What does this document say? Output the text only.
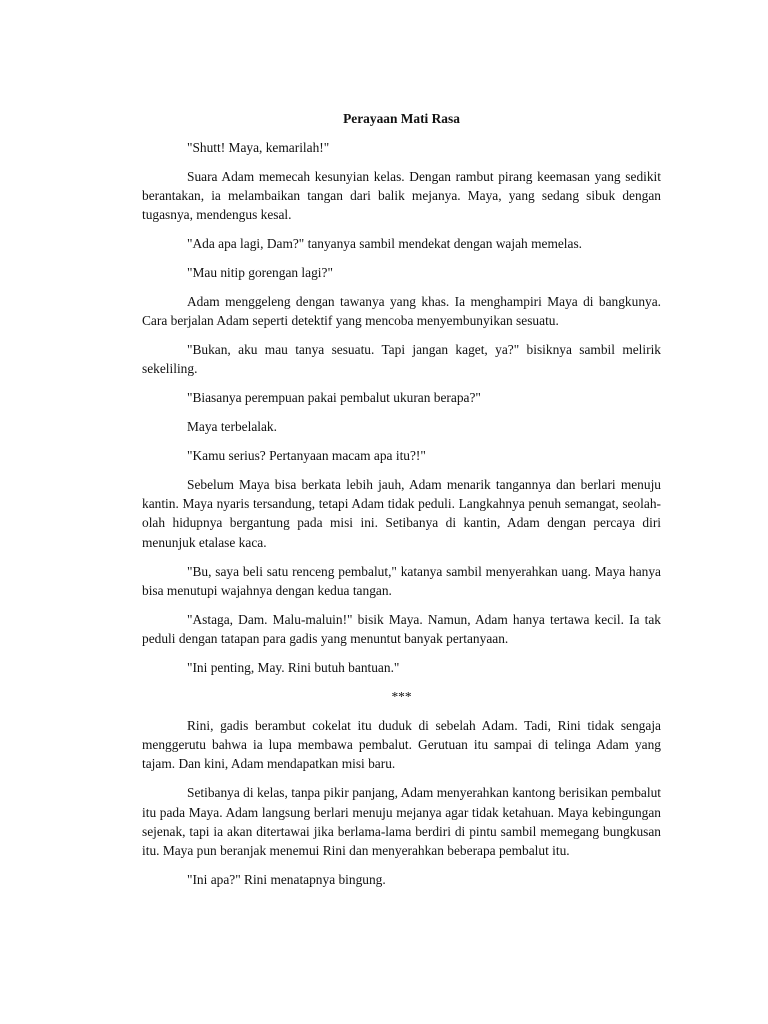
Perayaan Mati Rasa

"Shutt! Maya, kemarilah!"

Suara Adam memecah kesunyian kelas. Dengan rambut pirang keemasan yang sedikit berantakan, ia melambaikan tangan dari balik mejanya. Maya, yang sedang sibuk dengan tugasnya, mendengus kesal.

"Ada apa lagi, Dam?" tanyanya sambil mendekat dengan wajah memelas.

"Mau nitip gorengan lagi?"

Adam menggeleng dengan tawanya yang khas. Ia menghampiri Maya di bangkunya. Cara berjalan Adam seperti detektif yang mencoba menyembunyikan sesuatu.

"Bukan, aku mau tanya sesuatu. Tapi jangan kaget, ya?" bisiknya sambil melirik sekeliling.

"Biasanya perempuan pakai pembalut ukuran berapa?"

Maya terbelalak.

"Kamu serius? Pertanyaan macam apa itu?!"

Sebelum Maya bisa berkata lebih jauh, Adam menarik tangannya dan berlari menuju kantin. Maya nyaris tersandung, tetapi Adam tidak peduli. Langkahnya penuh semangat, seolah-olah hidupnya bergantung pada misi ini. Setibanya di kantin, Adam dengan percaya diri menunjuk etalase kaca.

"Bu, saya beli satu renceng pembalut," katanya sambil menyerahkan uang. Maya hanya bisa menutupi wajahnya dengan kedua tangan.

"Astaga, Dam. Malu-maluin!" bisik Maya. Namun, Adam hanya tertawa kecil. Ia tak peduli dengan tatapan para gadis yang menuntut banyak pertanyaan.

"Ini penting, May. Rini butuh bantuan."

***

Rini, gadis berambut cokelat itu duduk di sebelah Adam. Tadi, Rini tidak sengaja menggerutu bahwa ia lupa membawa pembalut. Gerutuan itu sampai di telinga Adam yang tajam. Dan kini, Adam mendapatkan misi baru.

Setibanya di kelas, tanpa pikir panjang, Adam menyerahkan kantong berisikan pembalut itu pada Maya. Adam langsung berlari menuju mejanya agar tidak ketahuan. Maya kebingungan sejenak, tapi ia akan ditertawai jika berlama-lama berdiri di pintu sambil memegang bungkusan itu. Maya pun beranjak menemui Rini dan menyerahkan beberapa pembalut itu.

"Ini apa?" Rini menatapnya bingung.
